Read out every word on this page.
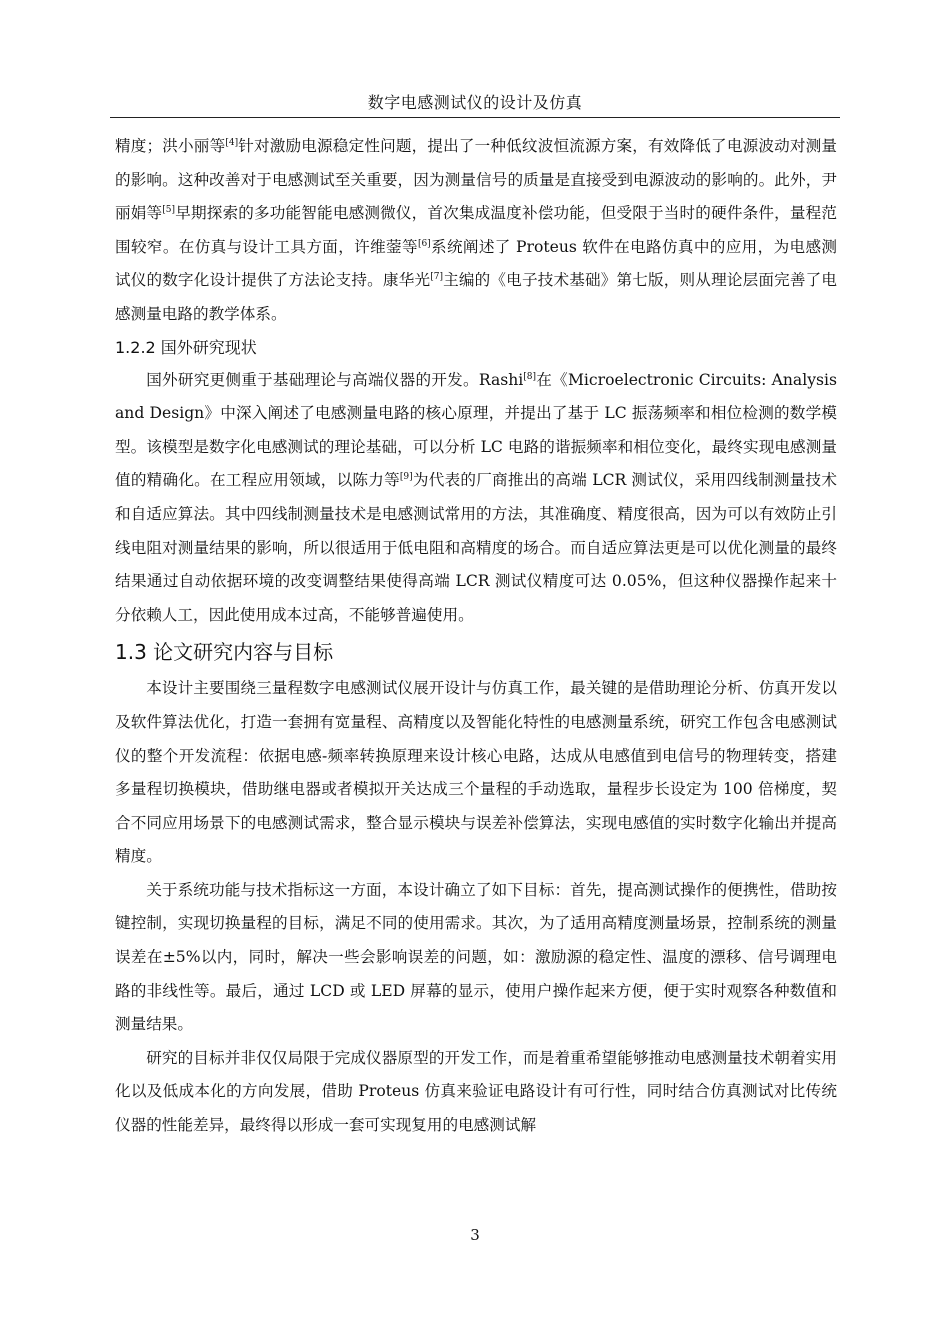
数字电感测试仪的设计及仿真

精度；洪小丽等[4]针对激励电源稳定性问题，提出了一种低纹波恒流源方案，有效降低了电源波动对测量的影响。这种改善对于电感测试至关重要，因为测量信号的质量是直接受到电源波动的影响的。此外，尹丽娟等[5]早期探索的多功能智能电感测微仪，首次集成温度补偿功能，但受限于当时的硬件条件，量程范围较窄。在仿真与设计工具方面，许维蓥等[6]系统阐述了 Proteus 软件在电路仿真中的应用，为电感测试仪的数字化设计提供了方法论支持。康华光[7]主编的《电子技术基础》第七版，则从理论层面完善了电感测量电路的教学体系。

1.2.2 国外研究现状

国外研究更侧重于基础理论与高端仪器的开发。Rashi[8]在《Microelectronic Circuits: Analysis and Design》中深入阐述了电感测量电路的核心原理，并提出了基于 LC 振荡频率和相位检测的数学模型。该模型是数字化电感测试的理论基础，可以分析 LC 电路的谐振频率和相位变化，最终实现电感测量值的精确化。在工程应用领域，以陈力等[9]为代表的厂商推出的高端 LCR 测试仪，采用四线制测量技术和自适应算法。其中四线制测量技术是电感测试常用的方法，其准确度、精度很高，因为可以有效防止引线电阻对测量结果的影响，所以很适用于低电阻和高精度的场合。而自适应算法更是可以优化测量的最终结果通过自动依据环境的改变调整结果使得高端 LCR 测试仪精度可达 0.05%，但这种仪器操作起来十分依赖人工，因此使用成本过高，不能够普遍使用。

1.3 论文研究内容与目标

本设计主要围绕三量程数字电感测试仪展开设计与仿真工作，最关键的是借助理论分析、仿真开发以及软件算法优化，打造一套拥有宽量程、高精度以及智能化特性的电感测量系统，研究工作包含电感测试仪的整个开发流程：依据电感-频率转换原理来设计核心电路，达成从电感值到电信号的物理转变，搭建多量程切换模块，借助继电器或者模拟开关达成三个量程的手动选取，量程步长设定为 100 倍梯度，契合不同应用场景下的电感测试需求，整合显示模块与误差补偿算法，实现电感值的实时数字化输出并提高精度。

关于系统功能与技术指标这一方面，本设计确立了如下目标：首先，提高测试操作的便携性，借助按键控制，实现切换量程的目标，满足不同的使用需求。其次，为了适用高精度测量场景，控制系统的测量误差在±5%以内，同时，解决一些会影响误差的问题，如：激励源的稳定性、温度的漂移、信号调理电路的非线性等。最后，通过 LCD 或 LED 屏幕的显示，使用户操作起来方便，便于实时观察各种数值和测量结果。

研究的目标并非仅仅局限于完成仪器原型的开发工作，而是着重希望能够推动电感测量技术朝着实用化以及低成本化的方向发展，借助 Proteus 仿真来验证电路设计有可行性，同时结合仿真测试对比传统仪器的性能差异，最终得以形成一套可实现复用的电感测试解

3
